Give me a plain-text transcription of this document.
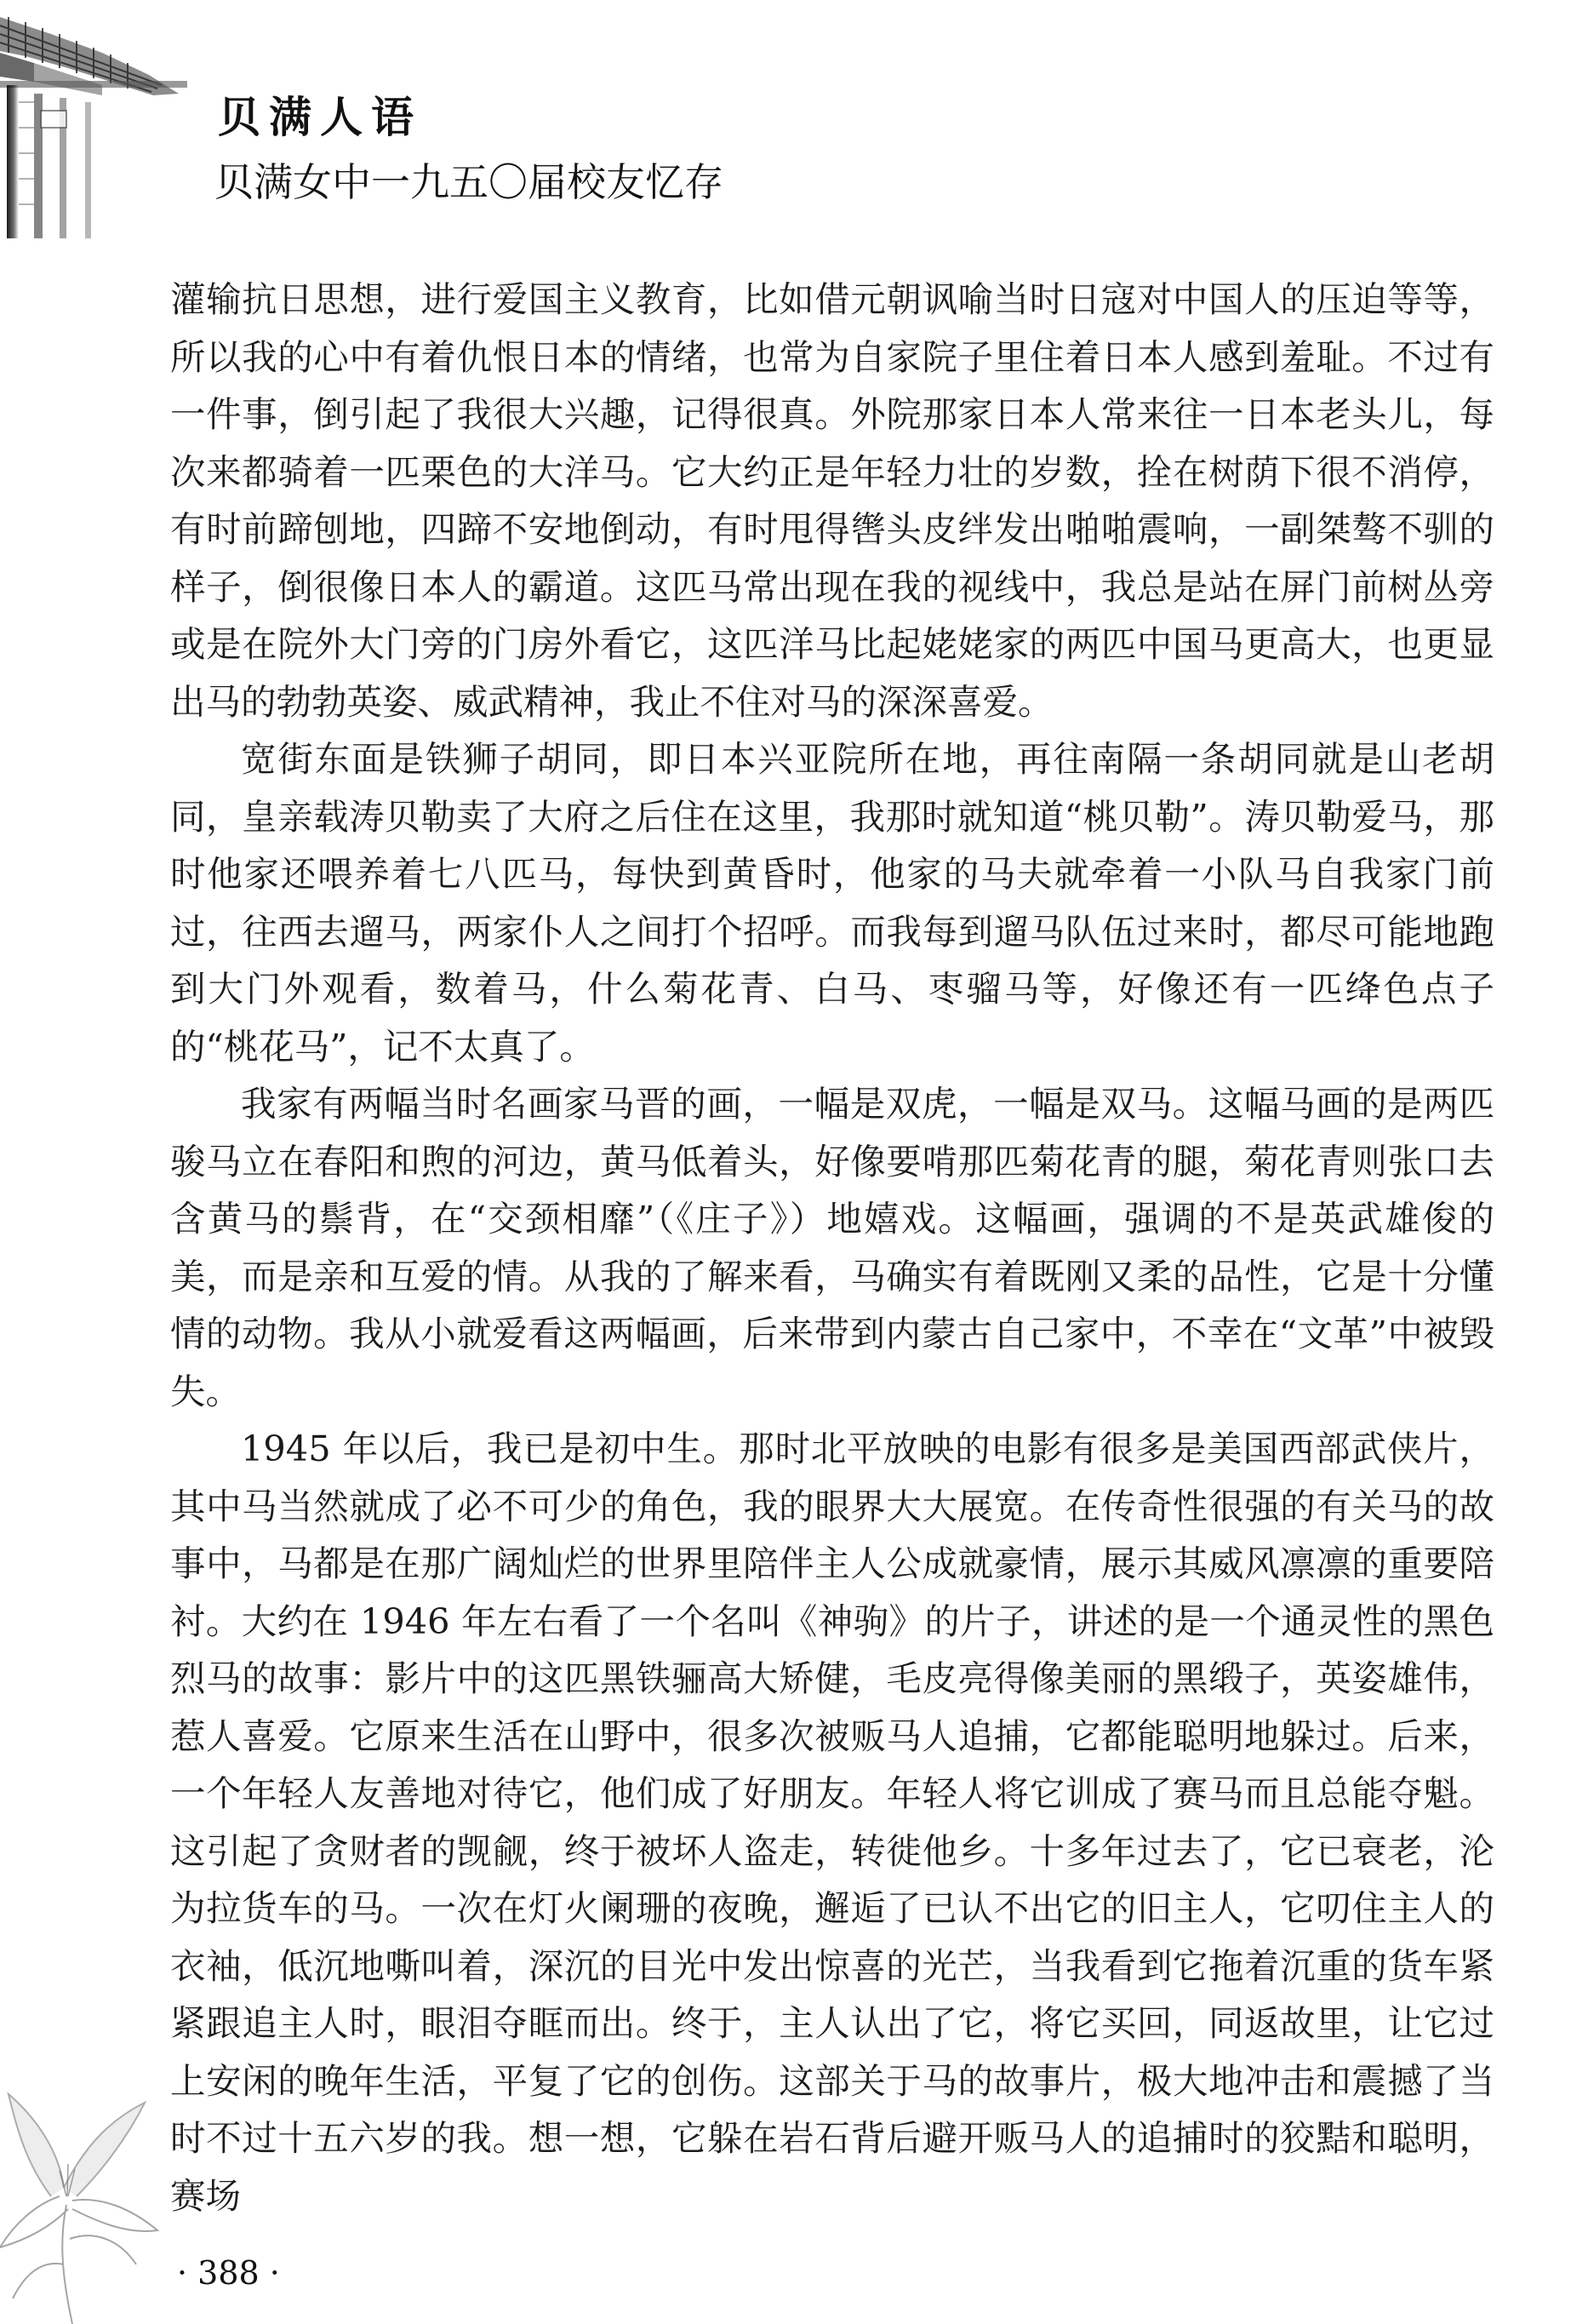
贝满人语
贝满女中一九五〇届校友忆存

灌输抗日思想，进行爱国主义教育，比如借元朝讽喻当时日寇对中国人的压迫等等，所以我的心中有着仇恨日本的情绪，也常为自家院子里住着日本人感到羞耻。不过有一件事，倒引起了我很大兴趣，记得很真。外院那家日本人常来往一日本老头儿，每次来都骑着一匹栗色的大洋马。它大约正是年轻力壮的岁数，拴在树荫下很不消停，有时前蹄刨地，四蹄不安地倒动，有时甩得辔头皮绊发出啪啪震响，一副桀骜不驯的样子，倒很像日本人的霸道。这匹马常出现在我的视线中，我总是站在屏门前树丛旁或是在院外大门旁的门房外看它，这匹洋马比起姥姥家的两匹中国马更高大，也更显出马的勃勃英姿、威武精神，我止不住对马的深深喜爱。

宽街东面是铁狮子胡同，即日本兴亚院所在地，再往南隔一条胡同就是山老胡同，皇亲载涛贝勒卖了大府之后住在这里，我那时就知道“桃贝勒”。涛贝勒爱马，那时他家还喂养着七八匹马，每快到黄昏时，他家的马夫就牵着一小队马自我家门前过，往西去遛马，两家仆人之间打个招呼。而我每到遛马队伍过来时，都尽可能地跑到大门外观看，数着马，什么菊花青、白马、枣骝马等，好像还有一匹绛色点子的“桃花马”，记不太真了。

我家有两幅当时名画家马晋的画，一幅是双虎，一幅是双马。这幅马画的是两匹骏马立在春阳和煦的河边，黄马低着头，好像要啃那匹菊花青的腿，菊花青则张口去含黄马的鬃背，在“交颈相靡”（《庄子》）地嬉戏。这幅画，强调的不是英武雄俊的美，而是亲和互爱的情。从我的了解来看，马确实有着既刚又柔的品性，它是十分懂情的动物。我从小就爱看这两幅画，后来带到内蒙古自己家中，不幸在“文革”中被毁失。

1945 年以后，我已是初中生。那时北平放映的电影有很多是美国西部武侠片，其中马当然就成了必不可少的角色，我的眼界大大展宽。在传奇性很强的有关马的故事中，马都是在那广阔灿烂的世界里陪伴主人公成就豪情，展示其威风凛凛的重要陪衬。大约在 1946 年左右看了一个名叫《神驹》的片子，讲述的是一个通灵性的黑色烈马的故事：影片中的这匹黑铁骊高大矫健，毛皮亮得像美丽的黑缎子，英姿雄伟，惹人喜爱。它原来生活在山野中，很多次被贩马人追捕，它都能聪明地躲过。后来，一个年轻人友善地对待它，他们成了好朋友。年轻人将它训成了赛马而且总能夺魁。这引起了贪财者的觊觎，终于被坏人盗走，转徙他乡。十多年过去了，它已衰老，沦为拉货车的马。一次在灯火阑珊的夜晚，邂逅了已认不出它的旧主人，它叨住主人的衣袖，低沉地嘶叫着，深沉的目光中发出惊喜的光芒，当我看到它拖着沉重的货车紧紧跟追主人时，眼泪夺眶而出。终于，主人认出了它，将它买回，同返故里，让它过上安闲的晚年生活，平复了它的创伤。这部关于马的故事片，极大地冲击和震撼了当时不过十五六岁的我。想一想，它躲在岩石背后避开贩马人的追捕时的狡黠和聪明，赛场

· 388 ·
